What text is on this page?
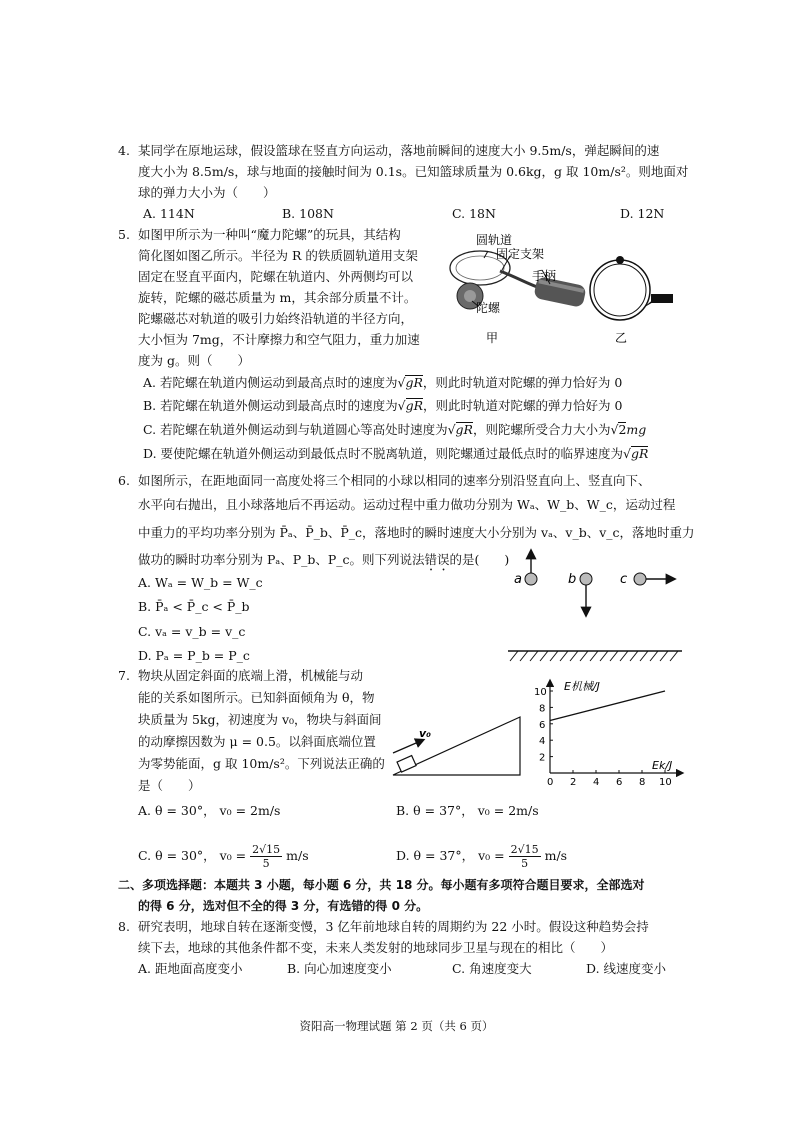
4. 某同学在原地运球，假设篮球在竖直方向运动，落地前瞬间的速度大小 9.5m/s，弹起瞬间的速
度大小为 8.5m/s，球与地面的接触时间为 0.1s。已知篮球质量为 0.6kg，g 取 10m/s²。则地面对
球的弹力大小为（　　）
A. 114N	B. 108N	C. 18N	D. 12N
5. 如图甲所示为一种叫“魔力陀螺”的玩具，其结构
简化图如图乙所示。半径为 R 的铁质圆轨道用支架
固定在竖直平面内，陀螺在轨道内、外两侧均可以
旋转，陀螺的磁芯质量为 m，其余部分质量不计。
陀螺磁芯对轨道的吸引力始终沿轨道的半径方向，
大小恒为 7mg，不计摩擦力和空气阻力，重力加速
度为 g。则（　　）
圆轨道
固定支架
手柄
陀螺
甲	乙
A. 若陀螺在轨道内侧运动到最高点时的速度为√gR，则此时轨道对陀螺的弹力恰好为 0
B. 若陀螺在轨道外侧运动到最高点时的速度为√gR，则此时轨道对陀螺的弹力恰好为 0
C. 若陀螺在轨道外侧运动到与轨道圆心等高处时速度为√gR，则陀螺所受合力大小为√2mg
D. 要使陀螺在轨道外侧运动到最低点时不脱离轨道，则陀螺通过最低点时的临界速度为√gR
6. 如图所示，在距地面同一高度处将三个相同的小球以相同的速率分别沿竖直向上、竖直向下、
水平向右抛出，且小球落地后不再运动。运动过程中重力做功分别为 Wₐ、W_b、W_c，运动过程
中重力的平均功率分别为 P̄ₐ、P̄_b、P̄_c，落地时的瞬时速度大小分别为 vₐ、v_b、v_c，落地时重力
做功的瞬时功率分别为 Pₐ、P_b、P_c。则下列说法错误的是(　　)
A. Wₐ = W_b = W_c
B. P̄ₐ < P̄_c < P̄_b
C. vₐ = v_b = v_c
D. Pₐ = P_b = P_c
a	b	c
7. 物块从固定斜面的底端上滑，机械能与动
能的关系如图所示。已知斜面倾角为 θ，物
块质量为 5kg，初速度为 v₀，物块与斜面间
的动摩擦因数为 μ = 0.5。以斜面底端位置
为零势能面，g 取 10m/s²。下列说法正确的
是（　　）
v₀
E机械/J
Ek/J
0 2 4 6 8 10
2
4
6
8
10
A. θ = 30°， v₀ = 2m/s	B. θ = 37°， v₀ = 2m/s
C. θ = 30°， $v_0 = \frac{2√15}{5} m/s$	D. θ = 37°， $v_0 = \frac{2√15}{5} m/s$
二、多项选择题：本题共 3 小题，每小题 6 分，共 18 分。每小题有多项符合题目要求，全部选对
的得 6 分，选对但不全的得 3 分，有选错的得 0 分。
8. 研究表明，地球自转在逐渐变慢，3 亿年前地球自转的周期约为 22 小时。假设这种趋势会持
续下去，地球的其他条件都不变，未来人类发射的地球同步卫星与现在的相比（　　）
A. 距地面高度变小	B. 向心加速度变小	C. 角速度变大	D. 线速度变小
资阳高一物理试题 第 2 页（共 6 页）
